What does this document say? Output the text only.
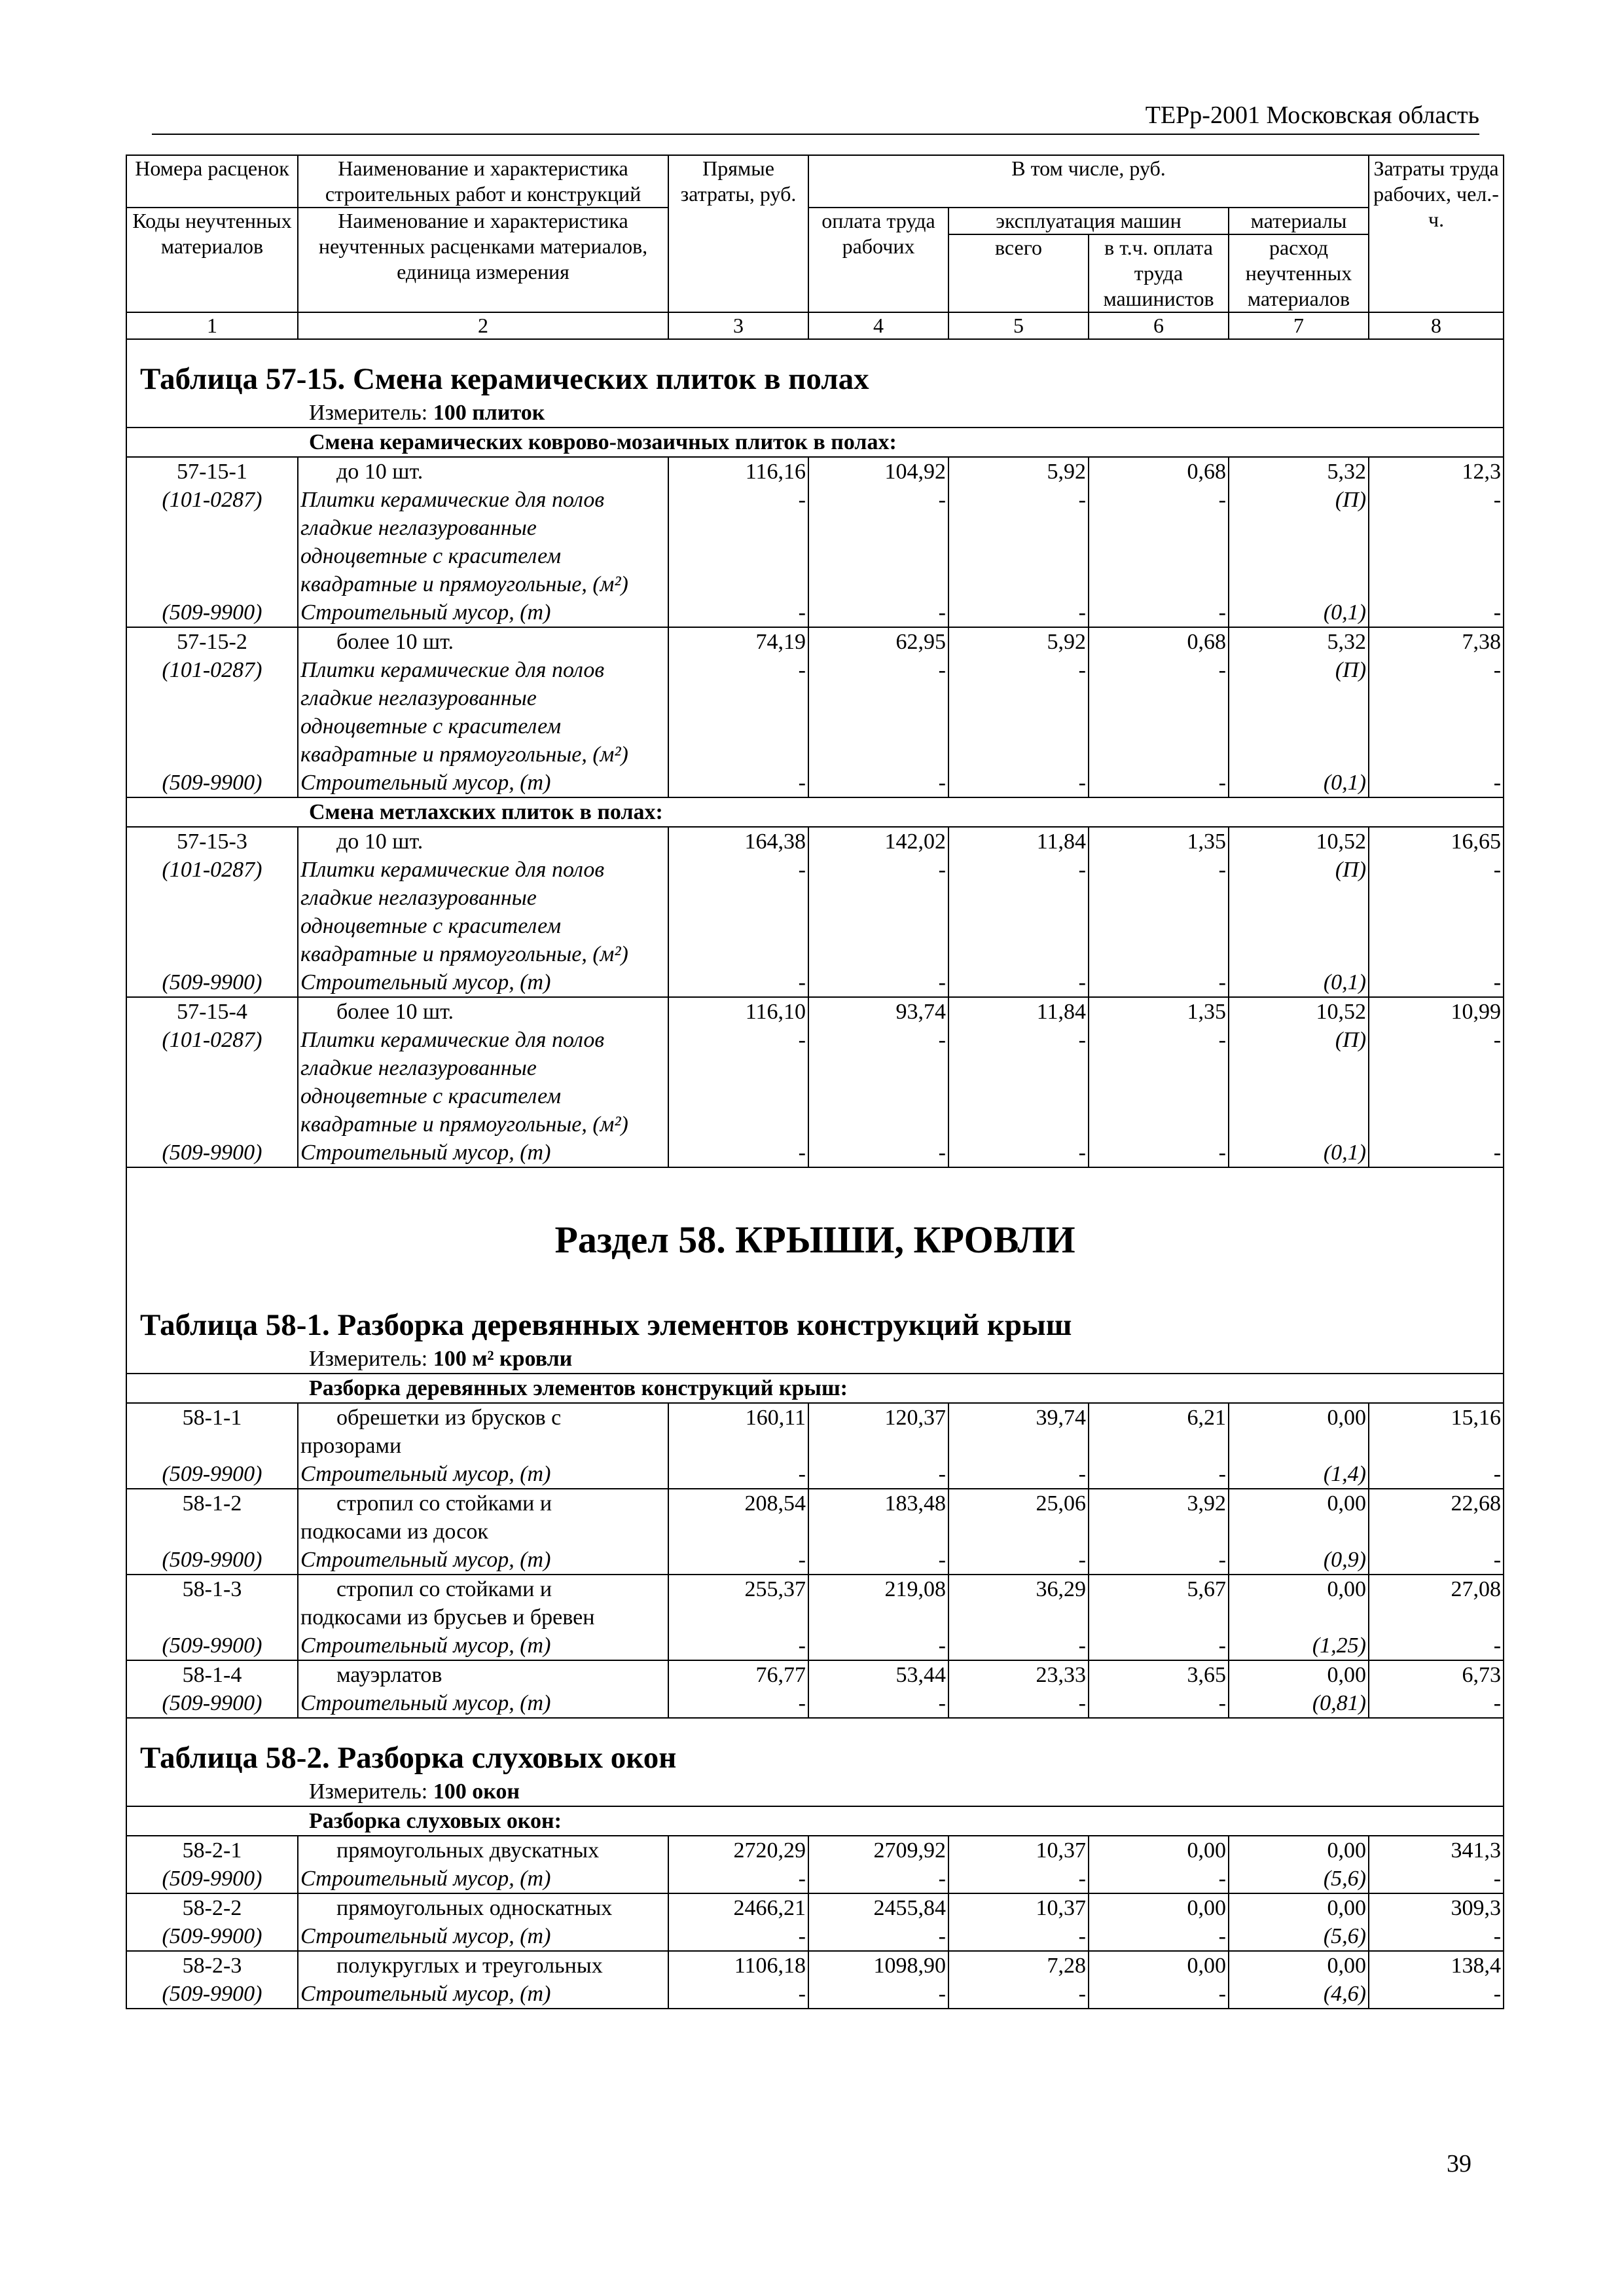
ТЕРр-2001 Московская область
Номера расценок	Наименование и характеристика строительных работ и конструкций	Прямые затраты, руб.	В том числе, руб.				Затраты труда рабочих, чел.-ч.
Коды неучтенных материалов	Наименование и характеристика неучтенных расценками материалов, единица измерения		оплата труда рабочих	эксплуатация машин		материалы	
				всего	в т.ч. оплата труда машинистов	расход неучтенных материалов	
1	2	3	4	5	6	7	8

Таблица 57-15. Смена керамических плиток в полах							
Измеритель: 100 плиток							
Смена керамических коврово-мозаичных плиток в полах:							
57-15-1	до 10 шт.	116,16	104,92	5,92	0,68	5,32	12,3
(101-0287)	Плитки керамические для полов	-	-	-	-	(П)	-
	гладкие неглазурованные						
	одноцветные с красителем						
	квадратные и прямоугольные, (м²)						
(509-9900)	Строительный мусор, (т)	-	-	-	-	(0,1)	-
57-15-2	более 10 шт.	74,19	62,95	5,92	0,68	5,32	7,38
(101-0287)	Плитки керамические для полов	-	-	-	-	(П)	-
	гладкие неглазурованные						
	одноцветные с красителем						
	квадратные и прямоугольные, (м²)						
(509-9900)	Строительный мусор, (т)	-	-	-	-	(0,1)	-
Смена метлахских плиток в полах:							
57-15-3	до 10 шт.	164,38	142,02	11,84	1,35	10,52	16,65
(101-0287)	Плитки керамические для полов	-	-	-	-	(П)	-
	гладкие неглазурованные						
	одноцветные с красителем						
	квадратные и прямоугольные, (м²)						
(509-9900)	Строительный мусор, (т)	-	-	-	-	(0,1)	-
57-15-4	более 10 шт.	116,10	93,74	11,84	1,35	10,52	10,99
(101-0287)	Плитки керамические для полов	-	-	-	-	(П)	-
	гладкие неглазурованные						
	одноцветные с красителем						
	квадратные и прямоугольные, (м²)						
(509-9900)	Строительный мусор, (т)	-	-	-	-	(0,1)	-

Раздел 58. КРЫШИ, КРОВЛИ							

Таблица 58-1. Разборка деревянных элементов конструкций крыш							
Измеритель: 100 м² кровли							
Разборка деревянных элементов конструкций крыш:							
58-1-1	обрешетки из брусков с	160,11	120,37	39,74	6,21	0,00	15,16
	прозорами						
(509-9900)	Строительный мусор, (т)	-	-	-	-	(1,4)	-
58-1-2	стропил со стойками и	208,54	183,48	25,06	3,92	0,00	22,68
	подкосами из досок						
(509-9900)	Строительный мусор, (т)	-	-	-	-	(0,9)	-
58-1-3	стропил со стойками и	255,37	219,08	36,29	5,67	0,00	27,08
	подкосами из брусьев и бревен						
(509-9900)	Строительный мусор, (т)	-	-	-	-	(1,25)	-
58-1-4	мауэрлатов	76,77	53,44	23,33	3,65	0,00	6,73
(509-9900)	Строительный мусор, (т)	-	-	-	-	(0,81)	-

Таблица 58-2. Разборка слуховых окон							
Измеритель: 100 окон							
Разборка слуховых окон:							
58-2-1	прямоугольных двускатных	2720,29	2709,92	10,37	0,00	0,00	341,3
(509-9900)	Строительный мусор, (т)	-	-	-	-	(5,6)	-
58-2-2	прямоугольных односкатных	2466,21	2455,84	10,37	0,00	0,00	309,3
(509-9900)	Строительный мусор, (т)	-	-	-	-	(5,6)	-
58-2-3	полукруглых и треугольных	1106,18	1098,90	7,28	0,00	0,00	138,4
(509-9900)	Строительный мусор, (т)	-	-	-	-	(4,6)	-
39
